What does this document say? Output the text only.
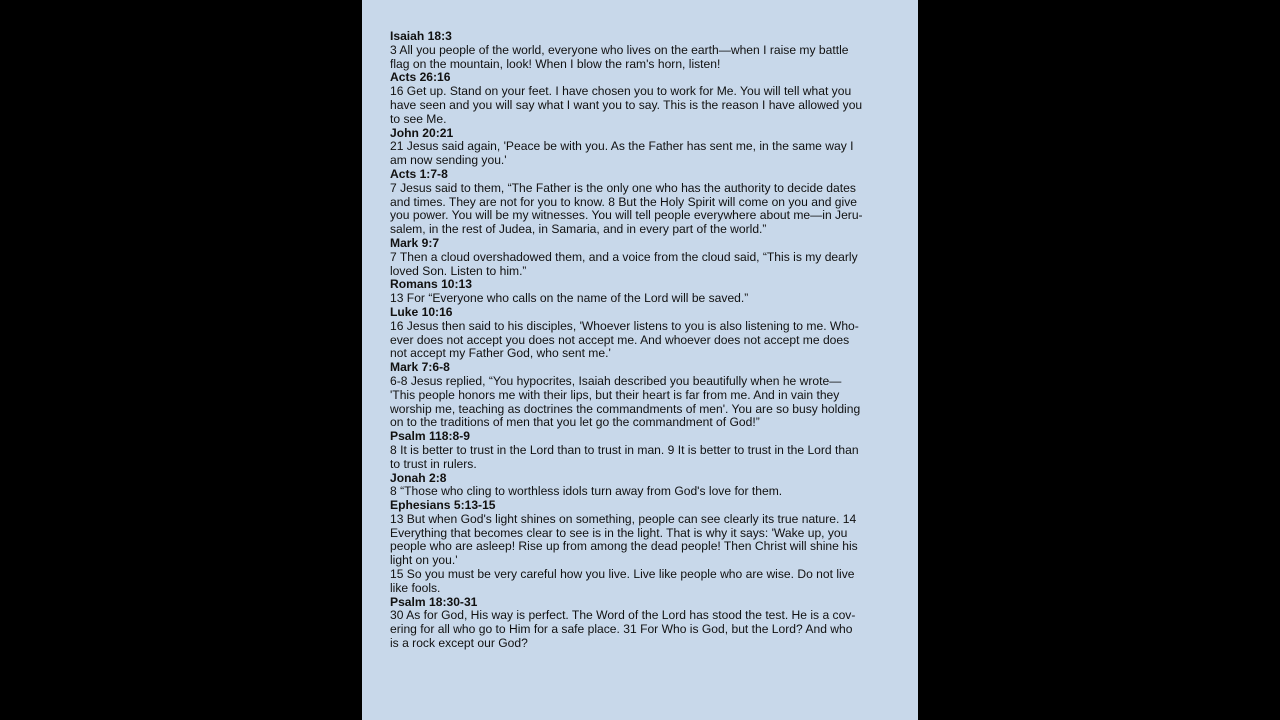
Isaiah 18:3
3 All you people of the world, everyone who lives on the earth—when I raise my battle
flag on the mountain, look! When I blow the ram's horn, listen!
Acts 26:16
16 Get up. Stand on your feet. I have chosen you to work for Me. You will tell what you
have seen and you will say what I want you to say. This is the reason I have allowed you
to see Me.
John 20:21
21 Jesus said again, 'Peace be with you. As the Father has sent me, in the same way I
am now sending you.'
Acts 1:7-8
7 Jesus said to them, “The Father is the only one who has the authority to decide dates
and times. They are not for you to know. 8 But the Holy Spirit will come on you and give
you power. You will be my witnesses. You will tell people everywhere about me—in Jeru-
salem, in the rest of Judea, in Samaria, and in every part of the world.”
Mark 9:7
7 Then a cloud overshadowed them, and a voice from the cloud said, “This is my dearly
loved Son. Listen to him.”
Romans 10:13
13 For “Everyone who calls on the name of the Lord will be saved.”
Luke 10:16
16 Jesus then said to his disciples, 'Whoever listens to you is also listening to me. Who-
ever does not accept you does not accept me. And whoever does not accept me does
not accept my Father God, who sent me.'
Mark 7:6-8
6-8 Jesus replied, “You hypocrites, Isaiah described you beautifully when he wrote—
'This people honors me with their lips, but their heart is far from me. And in vain they
worship me, teaching as doctrines the commandments of men'. You are so busy holding
on to the traditions of men that you let go the commandment of God!”
Psalm 118:8-9
8 It is better to trust in the Lord than to trust in man. 9 It is better to trust in the Lord than
to trust in rulers.
Jonah 2:8
8 “Those who cling to worthless idols turn away from God's love for them.
Ephesians 5:13-15
13 But when God's light shines on something, people can see clearly its true nature. 14
Everything that becomes clear to see is in the light. That is why it says: 'Wake up, you
people who are asleep! Rise up from among the dead people! Then Christ will shine his
light on you.'
15 So you must be very careful how you live. Live like people who are wise. Do not live
like fools.
Psalm 18:30-31
30 As for God, His way is perfect. The Word of the Lord has stood the test. He is a cov-
ering for all who go to Him for a safe place. 31 For Who is God, but the Lord? And who
is a rock except our God?
